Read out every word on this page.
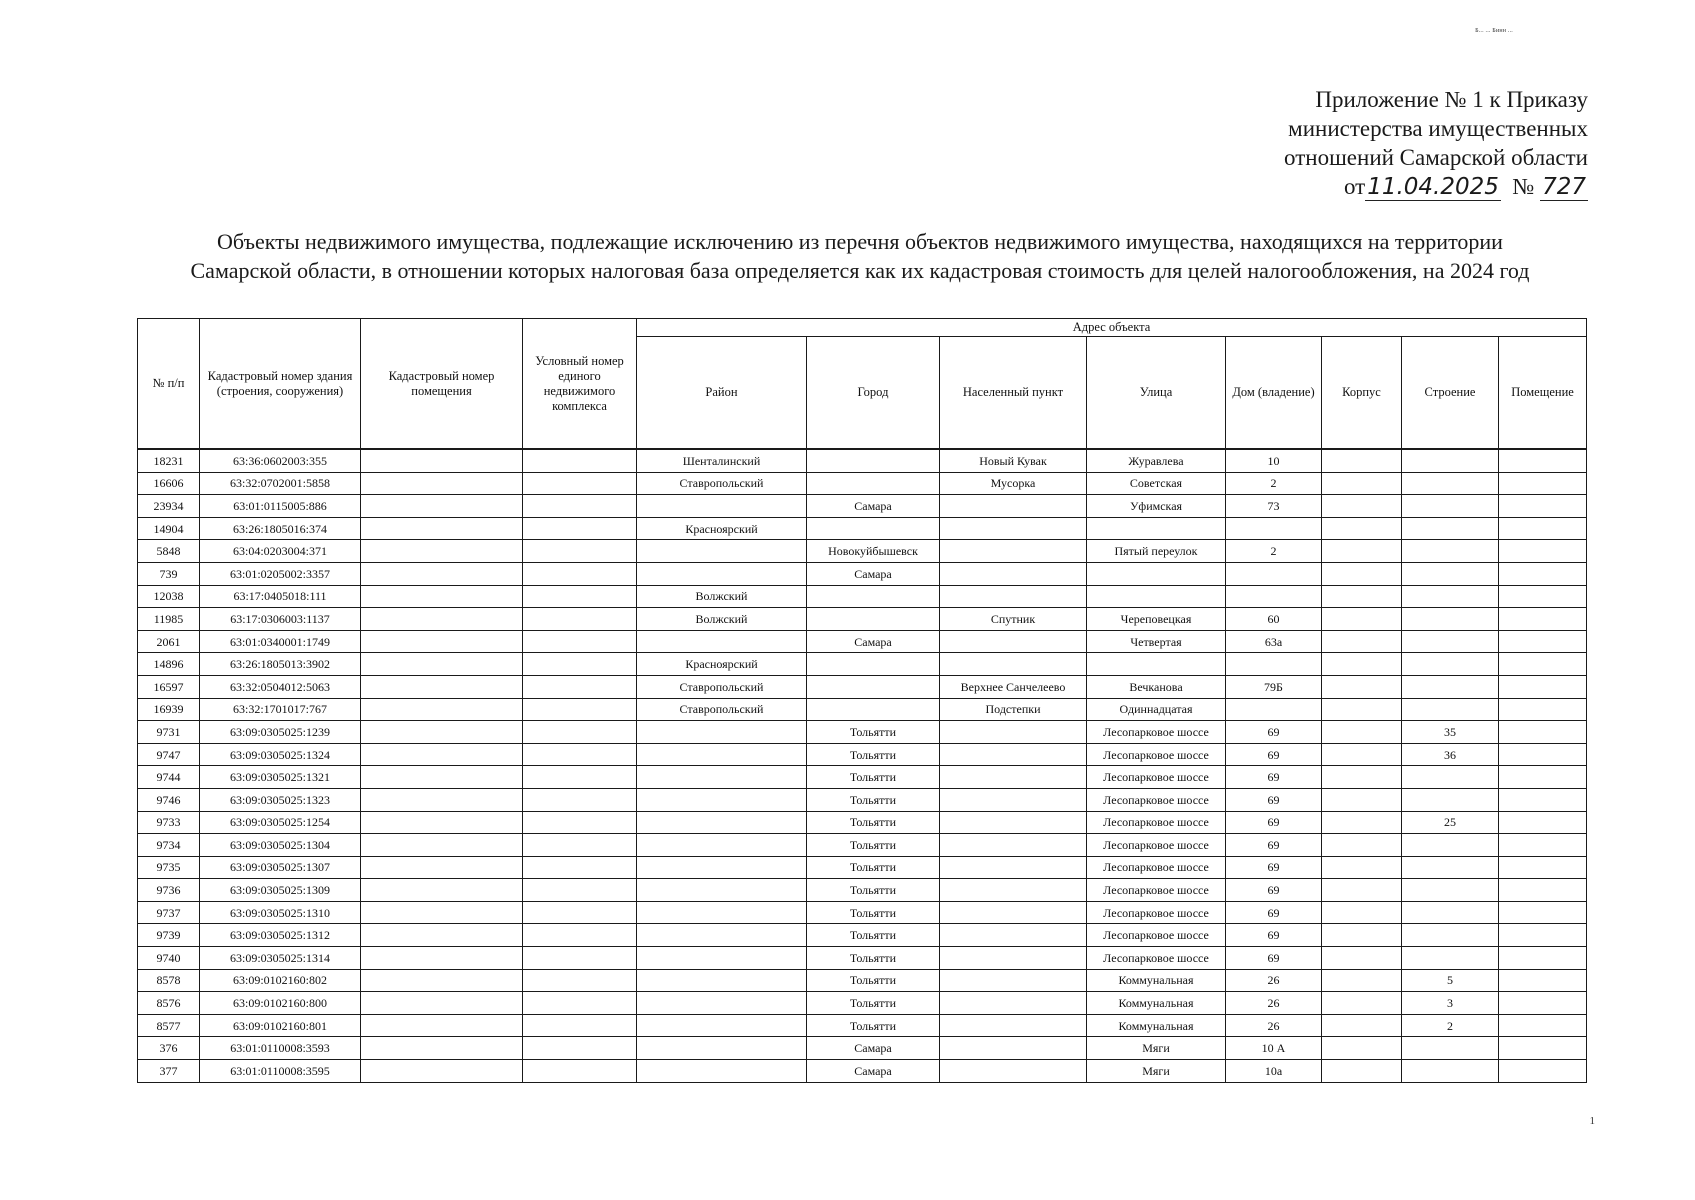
Б... ... Бинн ...
Приложение № 1 к Приказу
министерства имущественных
отношений Самарской области
от11.04.2025 № 727
Объекты недвижимого имущества, подлежащие исключению из перечня объектов недвижимого имущества, находящихся на территории Самарской области, в отношении которых налоговая база определяется как их кадастровая стоимость для целей налогообложения, на 2024 год
№ п/п	Кадастровый номер здания (строения, сооружения)	Кадастровый номер помещения	Условный номер единого недвижимого комплекса	Адрес объекта							
				Район	Город	Населенный пункт	Улица	Дом (владение)	Корпус	Строение	Помещение
18231	63:36:0602003:355			Шенталинский		Новый Кувак	Журавлева	10			
16606	63:32:0702001:5858			Ставропольский		Мусорка	Советская	2			
23934	63:01:0115005:886				Самара		Уфимская	73			
14904	63:26:1805016:374			Красноярский							
5848	63:04:0203004:371				Новокуйбышевск		Пятый переулок	2			
739	63:01:0205002:3357				Самара						
12038	63:17:0405018:111			Волжский							
11985	63:17:0306003:1137			Волжский		Спутник	Череповецкая	60			
2061	63:01:0340001:1749				Самара		Четвертая	63а			
14896	63:26:1805013:3902			Красноярский							
16597	63:32:0504012:5063			Ставропольский		Верхнее Санчелеево	Вечканова	79Б			
16939	63:32:1701017:767			Ставропольский		Подстепки	Одиннадцатая				
9731	63:09:0305025:1239				Тольятти		Лесопарковое шоссе	69		35	
9747	63:09:0305025:1324				Тольятти		Лесопарковое шоссе	69		36	
9744	63:09:0305025:1321				Тольятти		Лесопарковое шоссе	69			
9746	63:09:0305025:1323				Тольятти		Лесопарковое шоссе	69			
9733	63:09:0305025:1254				Тольятти		Лесопарковое шоссе	69		25	
9734	63:09:0305025:1304				Тольятти		Лесопарковое шоссе	69			
9735	63:09:0305025:1307				Тольятти		Лесопарковое шоссе	69			
9736	63:09:0305025:1309				Тольятти		Лесопарковое шоссе	69			
9737	63:09:0305025:1310				Тольятти		Лесопарковое шоссе	69			
9739	63:09:0305025:1312				Тольятти		Лесопарковое шоссе	69			
9740	63:09:0305025:1314				Тольятти		Лесопарковое шоссе	69			
8578	63:09:0102160:802				Тольятти		Коммунальная	26		5	
8576	63:09:0102160:800				Тольятти		Коммунальная	26		3	
8577	63:09:0102160:801				Тольятти		Коммунальная	26		2	
376	63:01:0110008:3593				Самара		Мяги	10 А			
377	63:01:0110008:3595				Самара		Мяги	10а			
1
